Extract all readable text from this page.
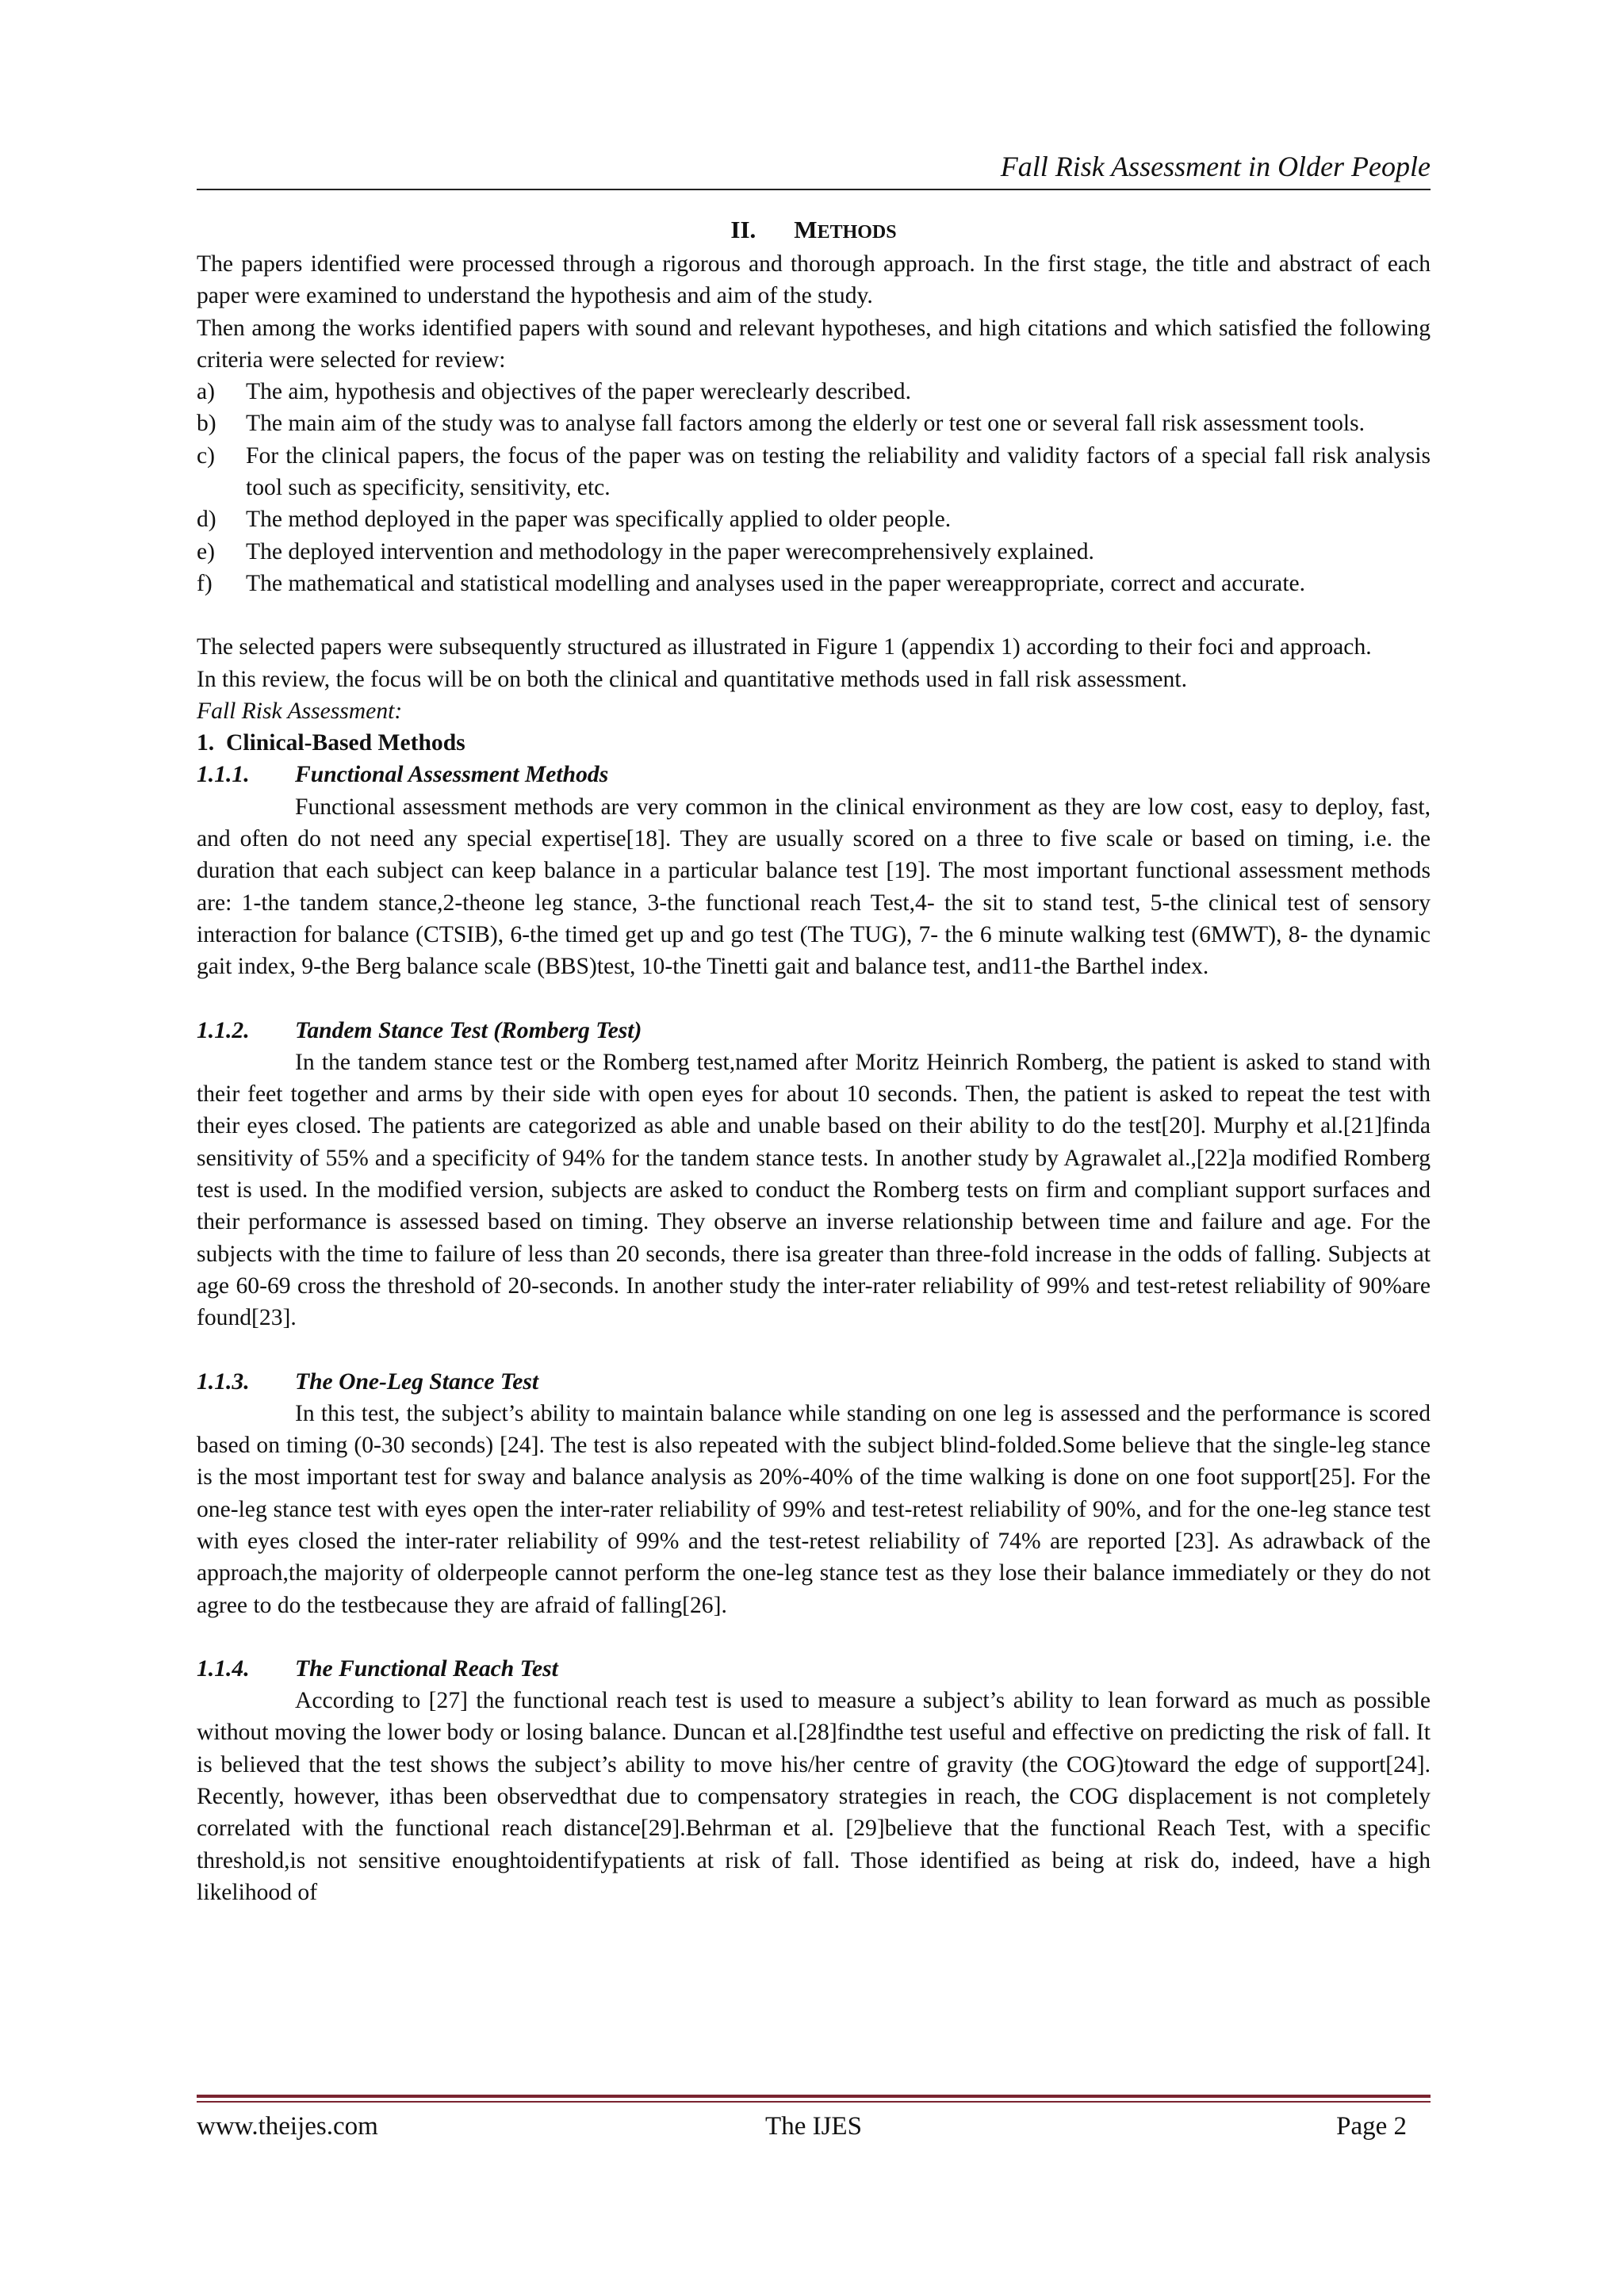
Fall Risk Assessment in Older People
II. METHODS

The papers identified were processed through a rigorous and thorough approach. In the first stage, the title and abstract of each paper were examined to understand the hypothesis and aim of the study.

Then among the works identified papers with sound and relevant hypotheses, and high citations and which satisfied the following criteria were selected for review:

a) The aim, hypothesis and objectives of the paper wereclearly described.
b) The main aim of the study was to analyse fall factors among the elderly or test one or several fall risk assessment tools.
c) For the clinical papers, the focus of the paper was on testing the reliability and validity factors of a special fall risk analysis tool such as specificity, sensitivity, etc.
d) The method deployed in the paper was specifically applied to older people.
e) The deployed intervention and methodology in the paper werecomprehensively explained.
f) The mathematical and statistical modelling and analyses used in the paper wereappropriate, correct and accurate.

The selected papers were subsequently structured as illustrated in Figure 1 (appendix 1) according to their foci and approach.

In this review, the focus will be on both the clinical and quantitative methods used in fall risk assessment.

Fall Risk Assessment:

1.  Clinical-Based Methods

1.1.1. Functional Assessment Methods

Functional assessment methods are very common in the clinical environment as they are low cost, easy to deploy, fast, and often do not need any special expertise[18]. They are usually scored on a three to five scale or based on timing, i.e. the duration that each subject can keep balance in a particular balance test [19]. The most important functional assessment methods are: 1-the tandem stance,2-theone leg stance, 3-the functional reach Test,4- the sit to stand test, 5-the clinical test of sensory interaction for balance (CTSIB), 6-the timed get up and go test (The TUG), 7- the 6 minute walking test (6MWT), 8- the dynamic gait index, 9-the Berg balance scale (BBS)test, 10-the Tinetti gait and balance test, and11-the Barthel index.

1.1.2. Tandem Stance Test (Romberg Test)

In the tandem stance test or the Romberg test,named after Moritz Heinrich Romberg, the patient is asked to stand with their feet together and arms by their side with open eyes for about 10 seconds. Then, the patient is asked to repeat the test with their eyes closed. The patients are categorized as able and unable based on their ability to do the test[20]. Murphy et al.[21]finda sensitivity of 55% and a specificity of 94% for the tandem stance tests. In another study by Agrawalet al.,[22]a modified Romberg test is used. In the modified version, subjects are asked to conduct the Romberg tests on firm and compliant support surfaces and their performance is assessed based on timing. They observe an inverse relationship between time and failure and age. For the subjects with the time to failure of less than 20 seconds, there isa greater than three-fold increase in the odds of falling. Subjects at age 60-69 cross the threshold of 20-seconds. In another study the inter-rater reliability of 99% and test-retest reliability of 90%are found[23].

1.1.3. The One-Leg Stance Test

In this test, the subject’s ability to maintain balance while standing on one leg is assessed and the performance is scored based on timing (0-30 seconds) [24]. The test is also repeated with the subject blind-folded.Some believe that the single-leg stance is the most important test for sway and balance analysis as 20%-40% of the time walking is done on one foot support[25]. For the one-leg stance test with eyes open the inter-rater reliability of 99% and test-retest reliability of 90%, and for the one-leg stance test with eyes closed the inter-rater reliability of 99% and the test-retest reliability of 74% are reported [23]. As adrawback of the approach,the majority of olderpeople cannot perform the one-leg stance test as they lose their balance immediately or they do not agree to do the testbecause they are afraid of falling[26].

1.1.4. The Functional Reach Test

According to [27] the functional reach test is used to measure a subject’s ability to lean forward as much as possible without moving the lower body or losing balance. Duncan et al.[28]findthe test useful and effective on predicting the risk of fall. It is believed that the test shows the subject’s ability to move his/her centre of gravity (the COG)toward the edge of support[24]. Recently, however, ithas been observedthat due to compensatory strategies in reach, the COG displacement is not completely correlated with the functional reach distance[29].Behrman et al. [29]believe that the functional Reach Test, with a specific threshold,is not sensitive enoughtoidentifypatients at risk of fall. Those identified as being at risk do, indeed, have a high likelihood of

www.theijes.com	The IJES	Page 2
